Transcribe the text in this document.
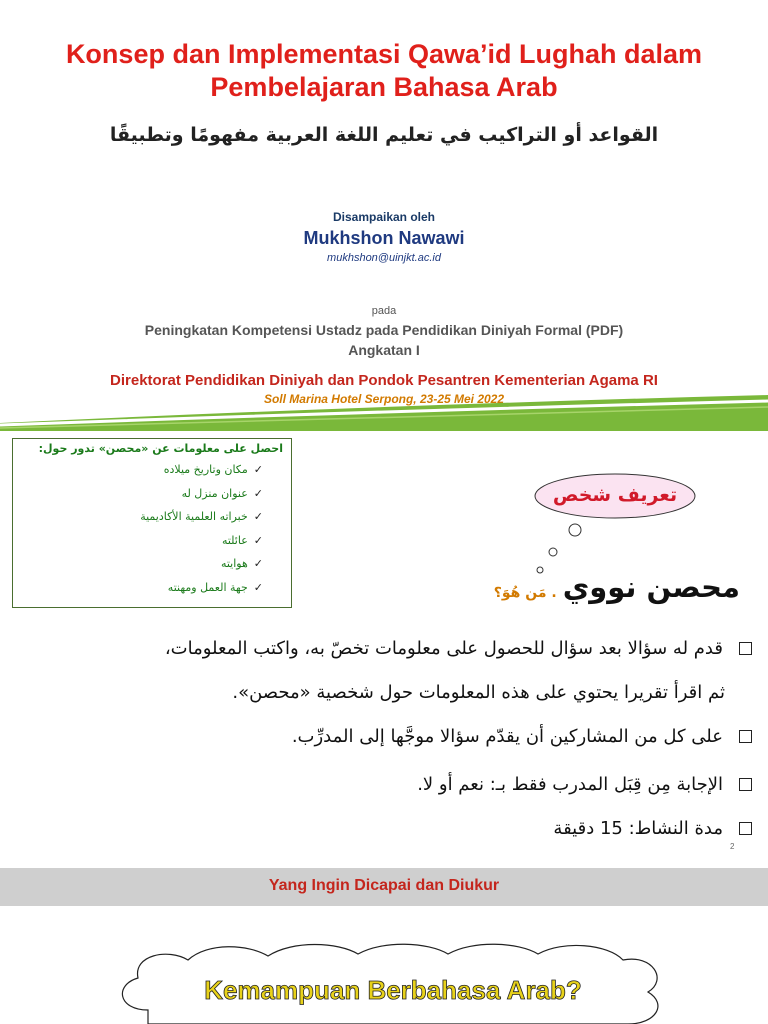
Konsep dan Implementasi Qawa’id Lughah dalam
Pembelajaran Bahasa Arab
القواعد أو التراكيب في تعليم اللغة العربية مفهومًا وتطبيقًا
Disampaikan oleh
Mukhshon Nawawi
mukhshon@uinjkt.ac.id
pada
Peningkatan Kompetensi Ustadz pada Pendidikan Diniyah Formal (PDF)
Angkatan I
Direktorat Pendidikan Diniyah dan Pondok Pesantren Kementerian Agama RI
Soll Marina Hotel Serpong, 23-25 Mei 2022
احصل على معلومات عن «محصن» تدور حول:
✓
مكان وتاريخ ميلاده
✓
عنوان منزل له
✓
خبراته العلمية الأكاديمية
✓
عائلته
✓
هوايته
✓
جهة العمل ومهنته
تعريف شخص
محصن نووي
. مَن هُوَ؟
قدم له سؤالا بعد سؤال للحصول على معلومات تخصّ به، واكتب المعلومات،
ثم اقرأ تقريرا يحتوي على هذه المعلومات حول شخصية «محصن».
على كل من المشاركين أن يقدّم سؤالا موجَّها إلى المدرِّب.
الإجابة مِن قِبَل المدرب فقط بـ: نعم أو لا.
مدة النشاط: 15 دقيقة
2
Yang Ingin Dicapai dan Diukur
Kemampuan Berbahasa Arab?
